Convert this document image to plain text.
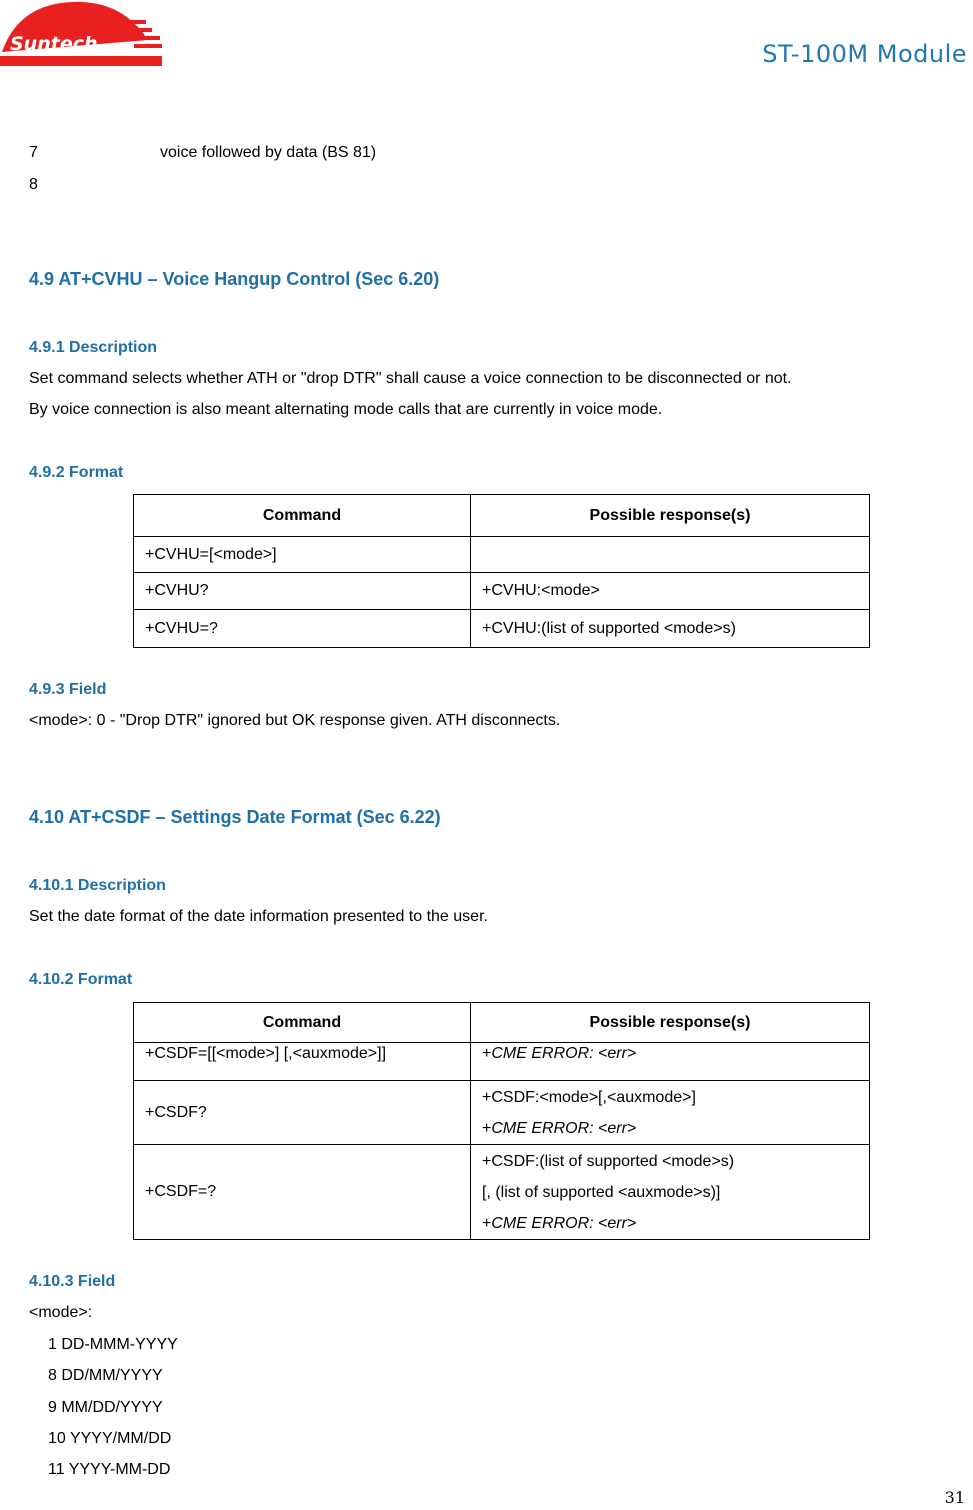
Suntech	ST-100M Module
7	voice followed by data (BS 81)
8
4.9 AT+CVHU – Voice Hangup Control (Sec 6.20)
4.9.1 Description
Set command selects whether ATH or "drop DTR" shall cause a voice connection to be disconnected or not.
By voice connection is also meant alternating mode calls that are currently in voice mode.
4.9.2 Format
Command	Possible response(s)
+CVHU=[<mode>]	
+CVHU?	+CVHU:<mode>
+CVHU=?	+CVHU:(list of supported <mode>s)
4.9.3 Field
<mode>: 0 - "Drop DTR" ignored but OK response given. ATH disconnects.
4.10 AT+CSDF – Settings Date Format (Sec 6.22)
4.10.1 Description
Set the date format of the date information presented to the user.
4.10.2 Format
Command	Possible response(s)
+CSDF=[[<mode>] [,<auxmode>]]	+CME ERROR: <err>
+CSDF?	+CSDF:<mode>[,<auxmode>]
+CME ERROR: <err>

+CSDF=?	+CSDF:(list of supported <mode>s)
[, (list of supported <auxmode>s)]
+CME ERROR: <err>
4.10.3 Field
<mode>:
1 DD-MMM-YYYY
8 DD/MM/YYYY
9 MM/DD/YYYY
10 YYYY/MM/DD
11 YYYY-MM-DD
31
